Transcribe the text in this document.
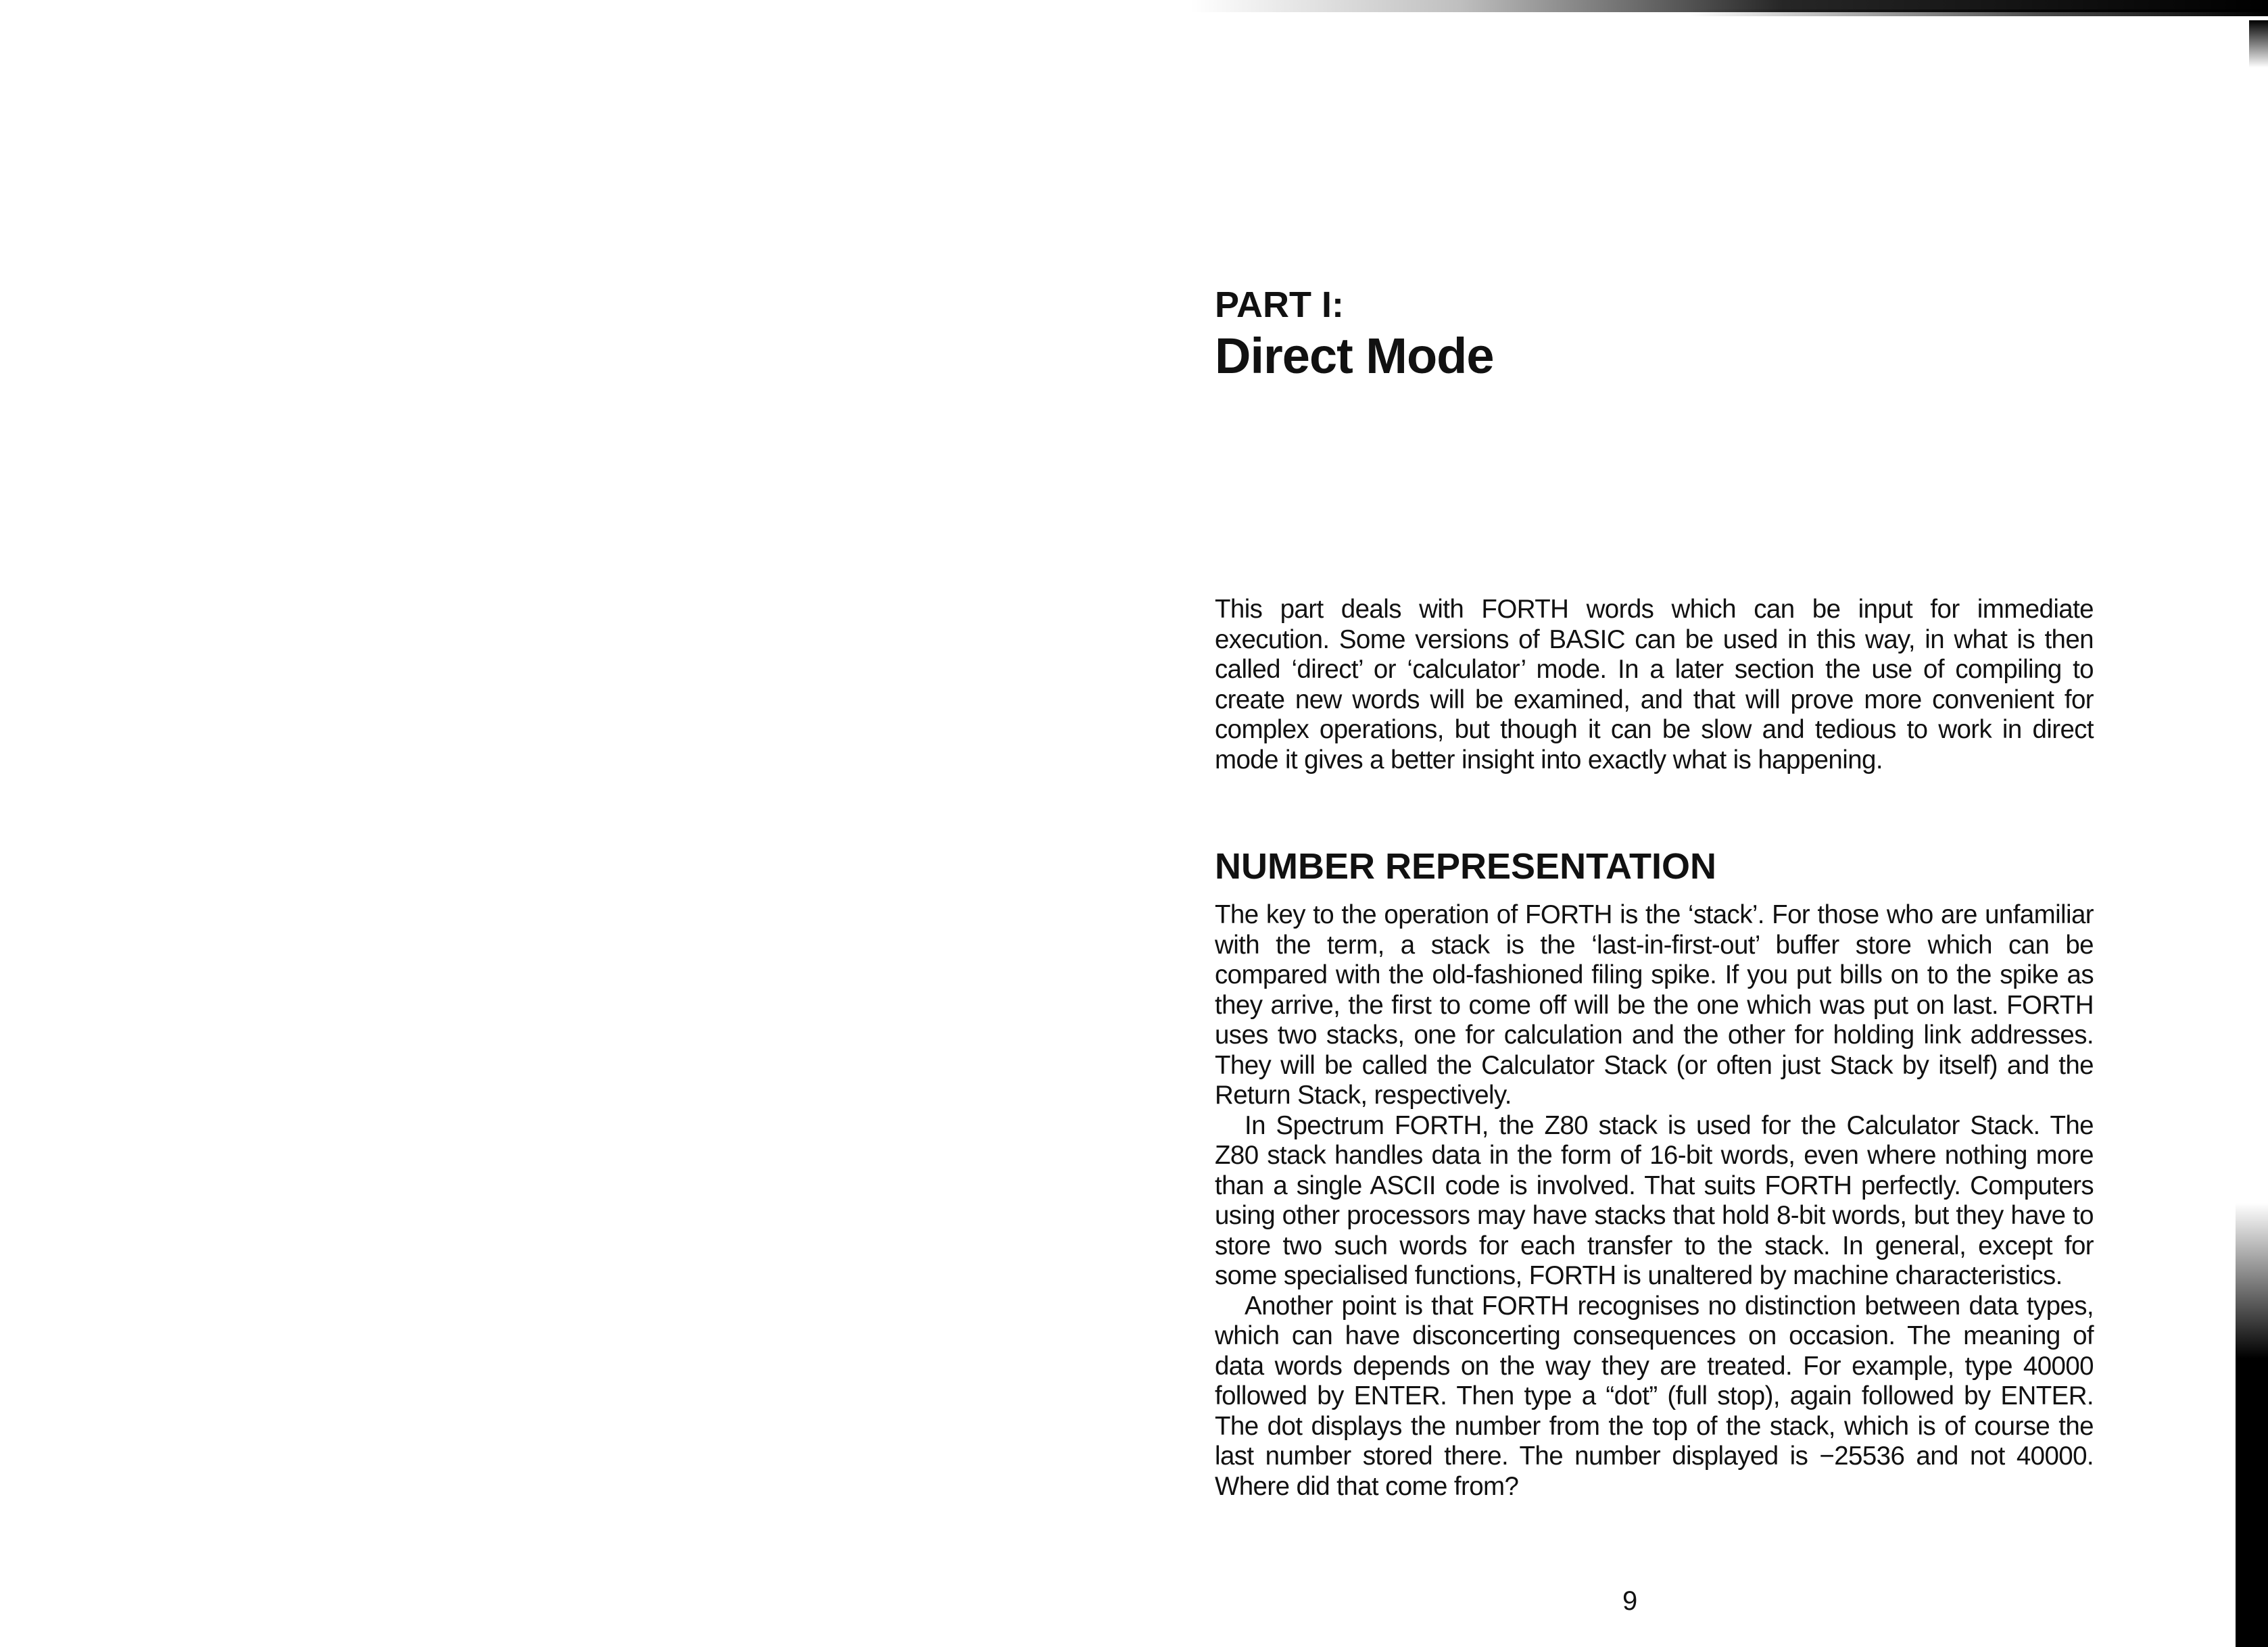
PART I:
Direct Mode

This part deals with FORTH words which can be input for immediate execution. Some versions of BASIC can be used in this way, in what is then called ‘direct’ or ‘calculator’ mode. In a later section the use of compiling to create new words will be examined, and that will prove more convenient for complex operations, but though it can be slow and tedious to work in direct mode it gives a better insight into exactly what is happening.

NUMBER REPRESENTATION

The key to the operation of FORTH is the ‘stack’. For those who are unfamiliar with the term, a stack is the ‘last-in-first-out’ buffer store which can be compared with the old-fashioned filing spike. If you put bills on to the spike as they arrive, the first to come off will be the one which was put on last. FORTH uses two stacks, one for calculation and the other for holding link addresses. They will be called the Calculator Stack (or often just Stack by itself) and the Return Stack, respectively.

In Spectrum FORTH, the Z80 stack is used for the Calculator Stack. The Z80 stack handles data in the form of 16-bit words, even where nothing more than a single ASCII code is involved. That suits FORTH perfectly. Computers using other processors may have stacks that hold 8-bit words, but they have to store two such words for each transfer to the stack. In general, except for some specialised functions, FORTH is unaltered by machine characteristics.

Another point is that FORTH recognises no distinction between data types, which can have disconcerting consequences on occasion. The meaning of data words depends on the way they are treated. For example, type 40000 followed by ENTER. Then type a “dot” (full stop), again followed by ENTER. The dot displays the number from the top of the stack, which is of course the last number stored there. The number displayed is −25536 and not 40000. Where did that come from?

9
